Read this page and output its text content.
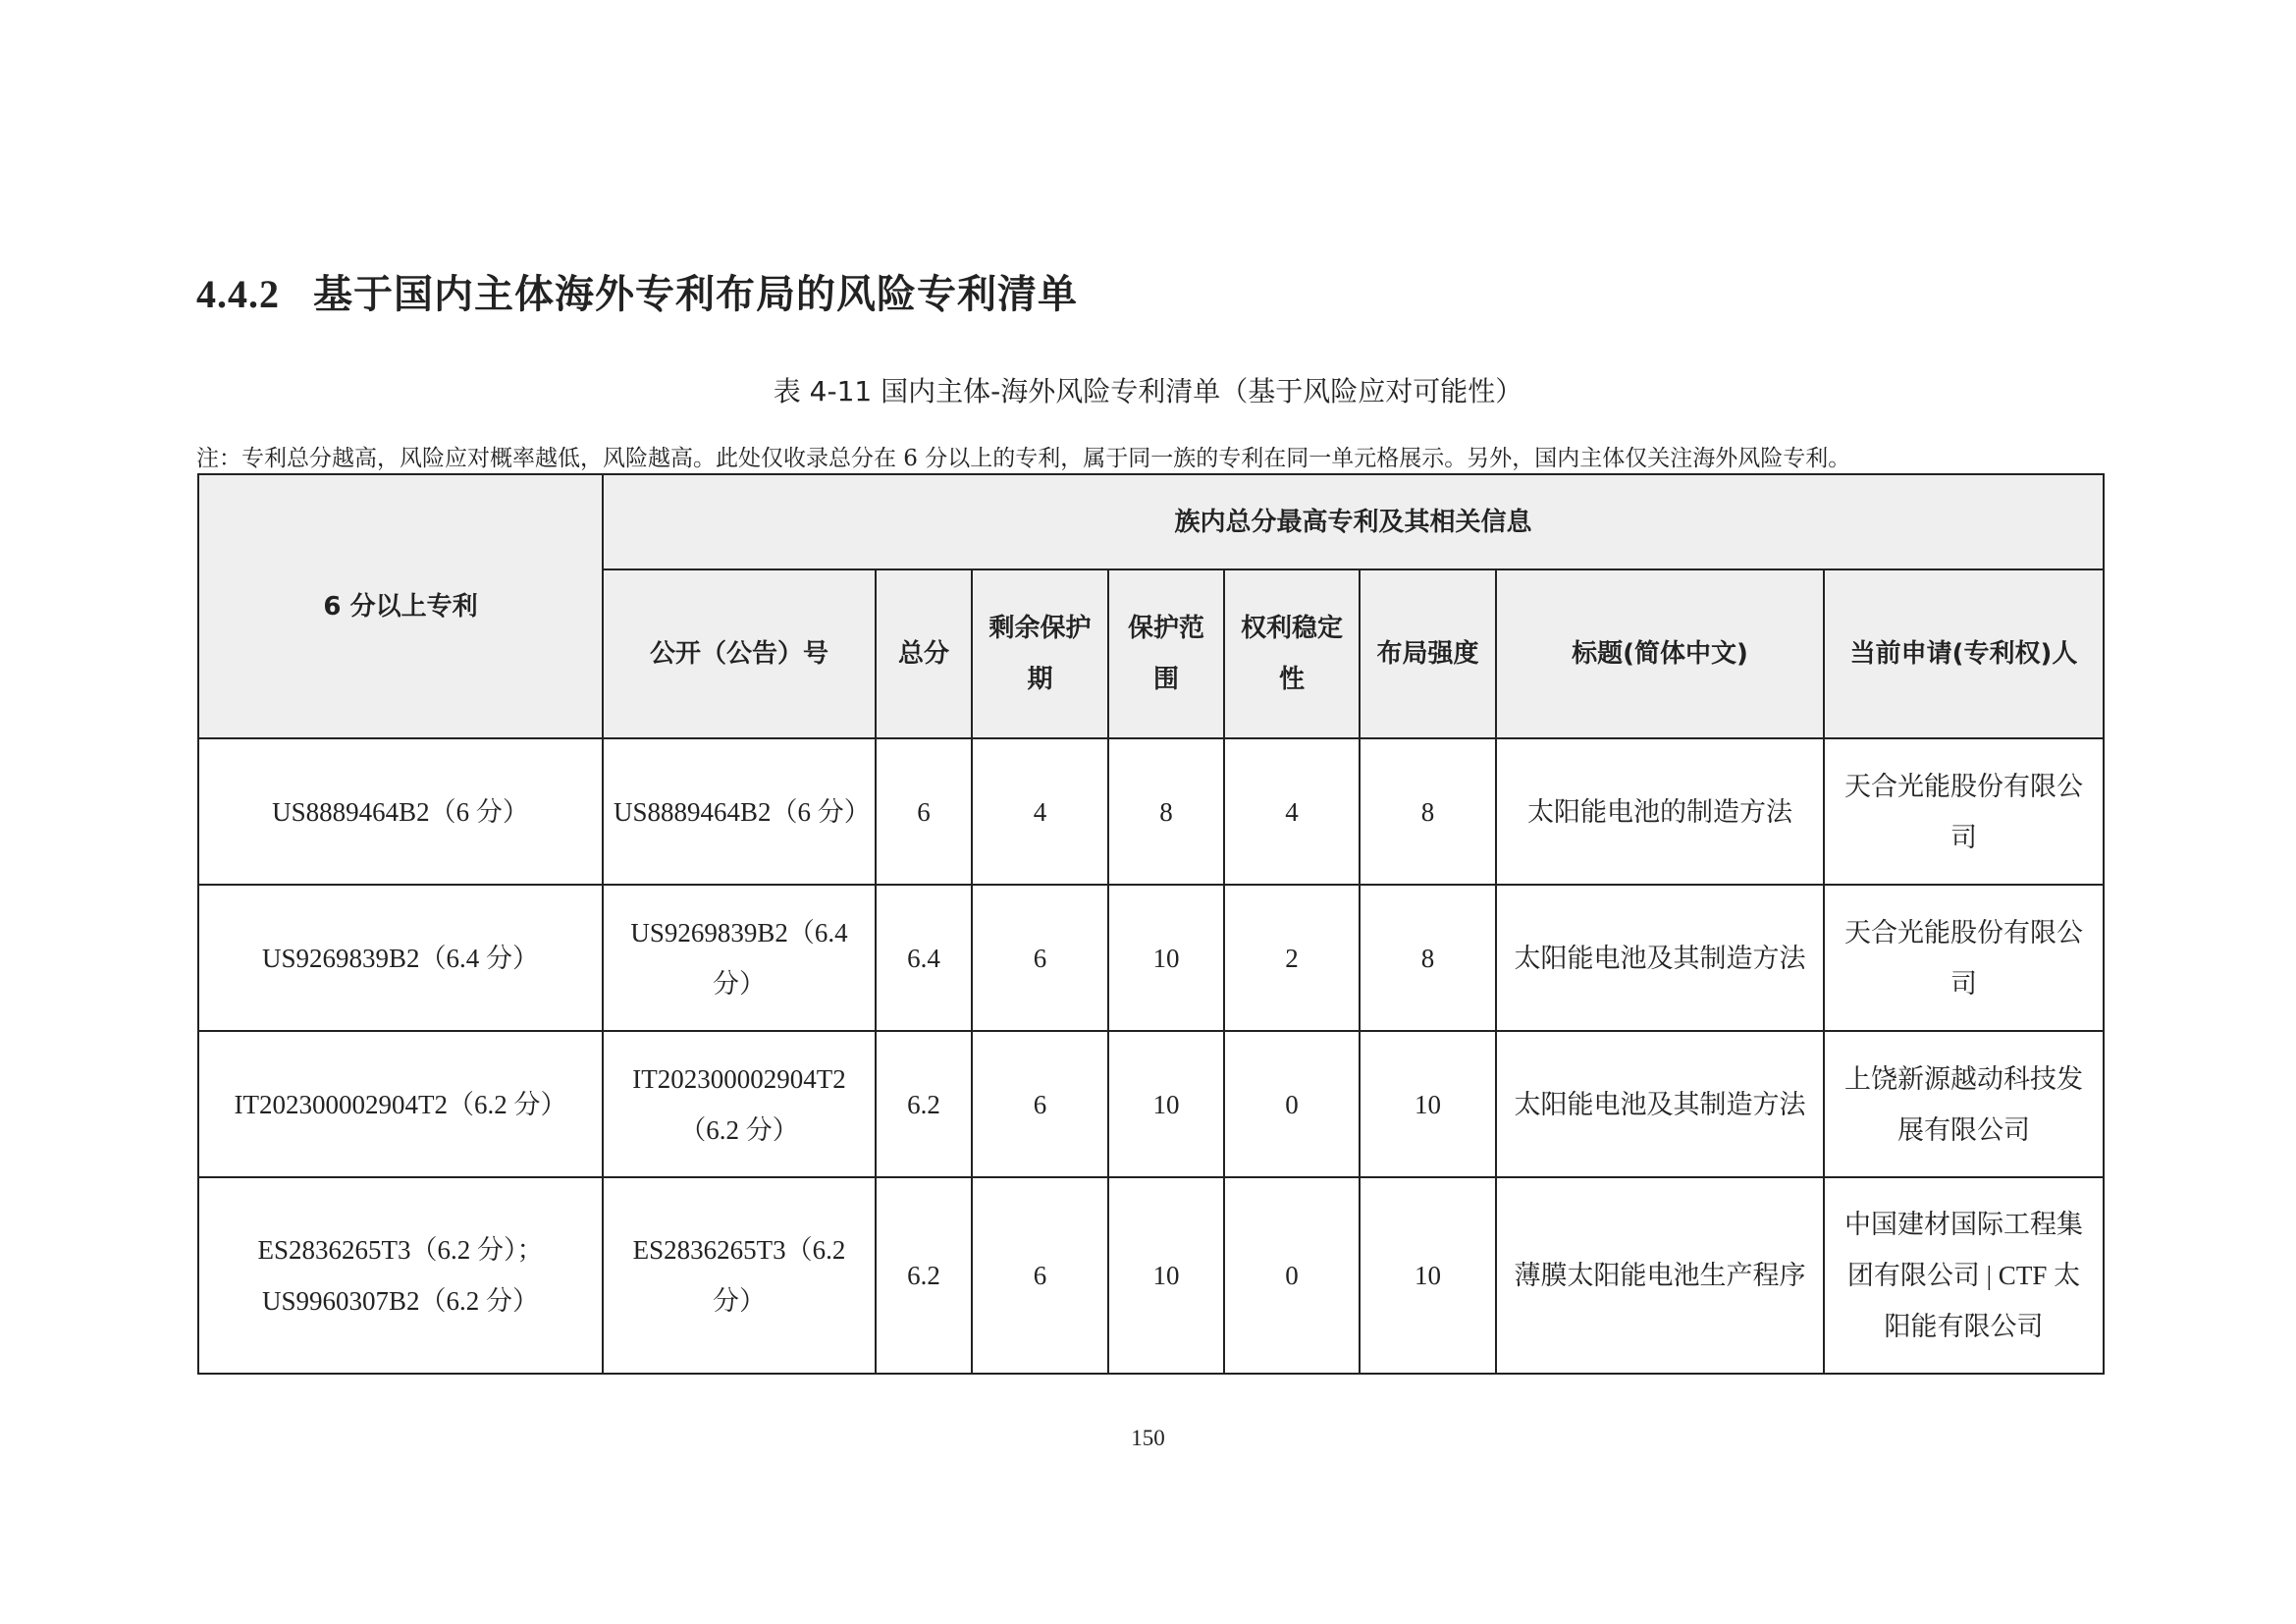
4.4.2 基于国内主体海外专利布局的风险专利清单

表 4-11 国内主体-海外风险专利清单（基于风险应对可能性）

注：专利总分越高，风险应对概率越低，风险越高。此处仅收录总分在 6 分以上的专利，属于同一族的专利在同一单元格展示。另外，国内主体仅关注海外风险专利。

6 分以上专利	族内总分最高专利及其相关信息							
	公开（公告）号	总分	剩余保护期	保护范围	权利稳定性	布局强度	标题(简体中文)	当前申请(专利权)人
US8889464B2（6 分）	US8889464B2（6 分）	6	4	8	4	8	太阳能电池的制造方法	天合光能股份有限公司
US9269839B2（6.4 分）	US9269839B2（6.4 分）	6.4	6	10	2	8	太阳能电池及其制造方法	天合光能股份有限公司
IT202300002904T2（6.2 分）	IT202300002904T2（6.2 分）	6.2	6	10	0	10	太阳能电池及其制造方法	上饶新源越动科技发展有限公司
ES2836265T3（6.2 分）；US9960307B2（6.2 分）	ES2836265T3（6.2 分）	6.2	6	10	0	10	薄膜太阳能电池生产程序	中国建材国际工程集团有限公司 | CTF 太阳能有限公司

150
